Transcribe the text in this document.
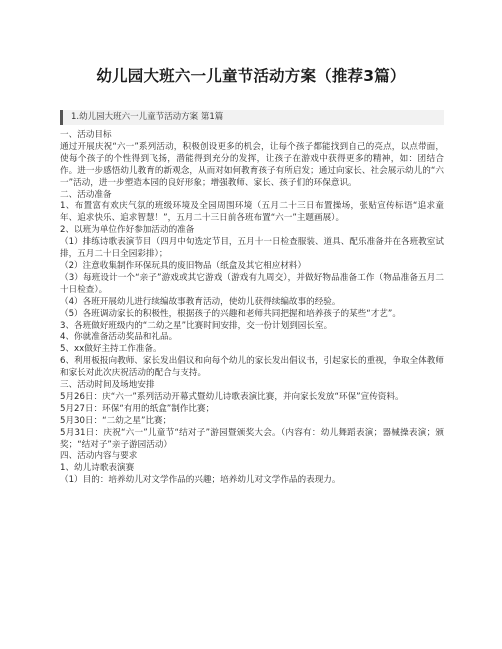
幼儿园大班六一儿童节活动方案（推荐3篇）
1.幼儿园大班六一儿童节活动方案 第1篇

一、活动目标

通过开展庆祝“六一”系列活动，积极创设更多的机会，让每个孩子都能找到自己的亮点，以点带面，使每个孩子的个性得到飞扬，潜能得到充分的发挥，让孩子在游戏中获得更多的精神，如：团结合作。进一步感悟幼儿教育的新观念，从而对如何教育孩子有所启发；通过向家长、社会展示幼儿的“六一”活动，进一步塑造本园的良好形象；增强教师、家长、孩子们的环保意识。

二、活动准备

1、布置富有欢庆气氛的班级环境及全园周围环境（五月二十三日布置操场，张贴宣传标语“追求童年、追求快乐、追求智慧！”，五月二十三日前各班布置“六一”主题画展）。

2、以班为单位作好参加活动的准备

（1）排练诗歌表演节目（四月中旬选定节目，五月十一日检查服装、道具、配乐准备并在各班教室试排，五月二十日全园彩排）；

（2）注意收集制作环保玩具的废旧物品（纸盒及其它相应材料）

（3）每班设计一个“亲子”游戏或其它游戏（游戏有九周交），并做好物品准备工作（物品准备五月二十日检查）。

（4）各班开展幼儿进行续编故事教育活动，使幼儿获得续编故事的经验。

（5）各班调动家长的积极性，根据孩子的兴趣和老师共同把握和培养孩子的某些“才艺”。

3、各班做好班级内的“二幼之星”比赛时间安排，交一份计划到园长室。

4、你就准备活动奖品和礼品。

5、xx做好主持工作准备。

6、利用板报向教师、家长发出倡议和向每个幼儿的家长发出倡议书，引起家长的重视，争取全体教师和家长对此次庆祝活动的配合与支持。

三、活动时间及场地安排

5月26日：庆“六一”系列活动开幕式暨幼儿诗歌表演比赛，并向家长发放“环保”宣传资料。

5月27日：环保“有用的纸盒”制作比赛；

5月30日：“二幼之星”比赛；

5月31日：庆祝“六一”儿童节“结对子”游园暨颁奖大会。（内容有：幼儿舞蹈表演；器械操表演；颁奖；“结对子”亲子游园活动）

四、活动内容与要求

1、幼儿诗歌表演赛

（1）目的：培养幼儿对文学作品的兴趣；培养幼儿对文学作品的表现力。
